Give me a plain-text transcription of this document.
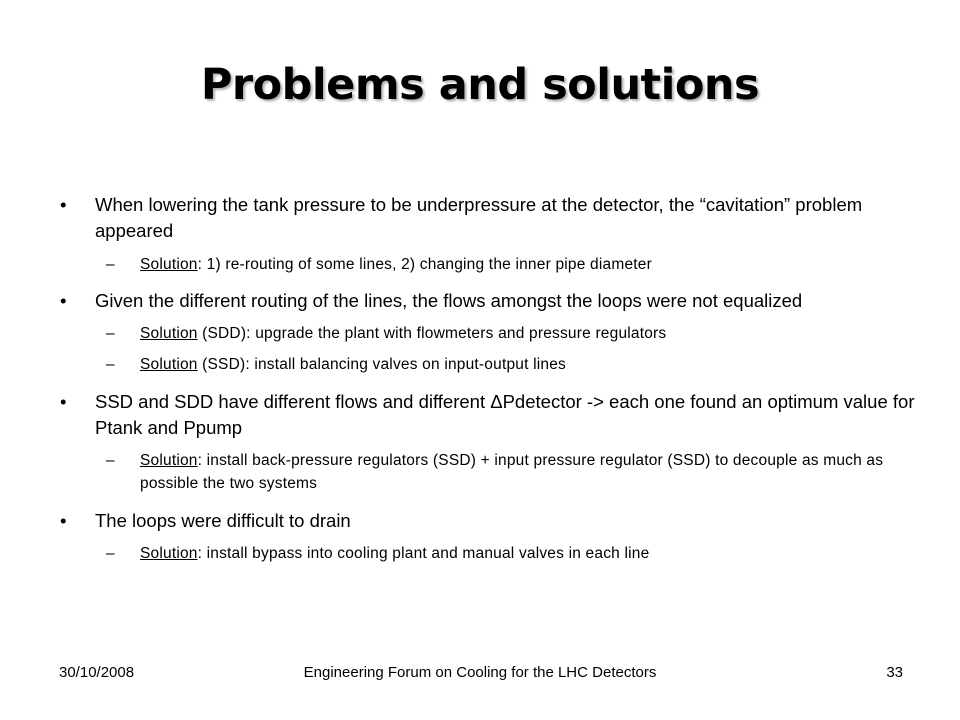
Problems and solutions
• When lowering the tank pressure to be underpressure at the detector, the “cavitation” problem appeared
– Solution: 1) re-routing of some lines, 2) changing the inner pipe diameter
• Given the different routing of the lines, the flows amongst the loops were not equalized
– Solution (SDD): upgrade the plant with flowmeters and pressure regulators
– Solution (SSD): install balancing valves on input-output lines
• SSD and SDD have different flows and different ΔPdetector -> each one found an optimum value for Ptank and Ppump
– Solution: install back-pressure regulators (SSD) + input pressure regulator (SSD) to decouple as much as possible the two systems
• The loops were difficult to drain
– Solution: install bypass into cooling plant and manual valves in each line
30/10/2008	Engineering Forum on Cooling for the LHC Detectors	33
